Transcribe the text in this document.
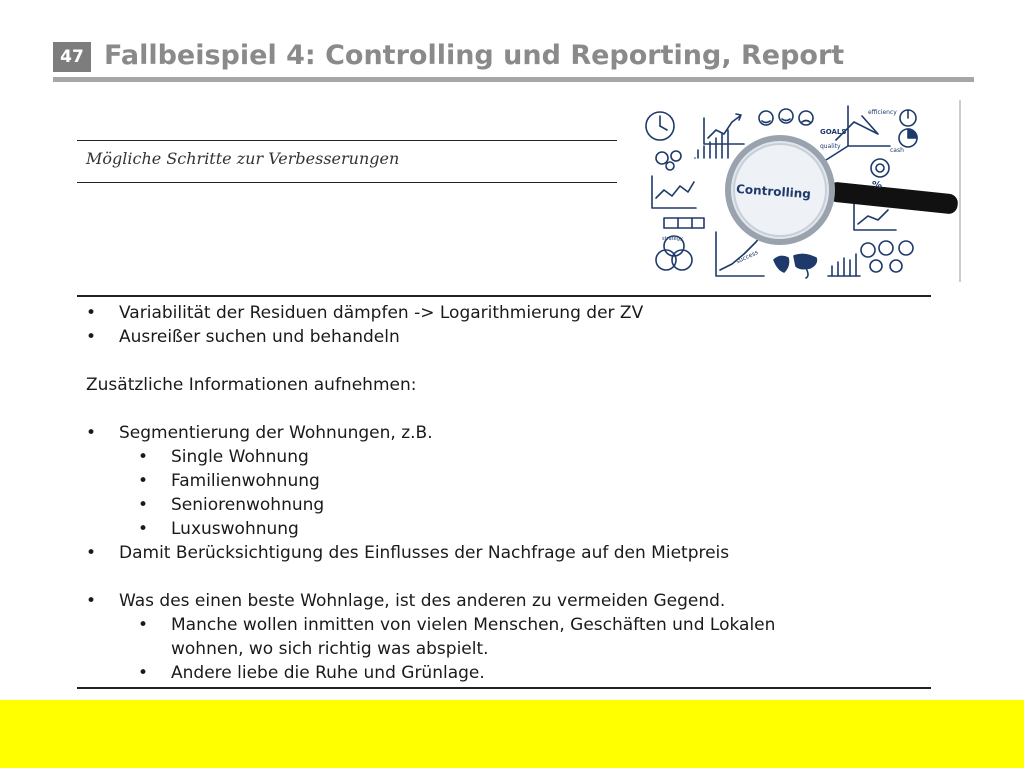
47 Fallbeispiel 4: Controlling und Reporting, Report
Mögliche Schritte zur Verbesserungen
Controlling
GOALS
efficiency
quality
cash
strategy
success
%
• Variabilität der Residuen dämpfen -> Logarithmierung der ZV
• Ausreißer suchen und behandeln
Zusätzliche Informationen aufnehmen:
• Segmentierung der Wohnungen, z.B.
• Single Wohnung
• Familienwohnung
• Seniorenwohnung
• Luxuswohnung
• Damit Berücksichtigung des Einflusses der Nachfrage auf den Mietpreis
• Was des einen beste Wohnlage, ist des anderen zu vermeiden Gegend.
• Manche wollen inmitten von vielen Menschen, Geschäften und Lokalen
wohnen, wo sich richtig was abspielt.
• Andere liebe die Ruhe und Grünlage.
